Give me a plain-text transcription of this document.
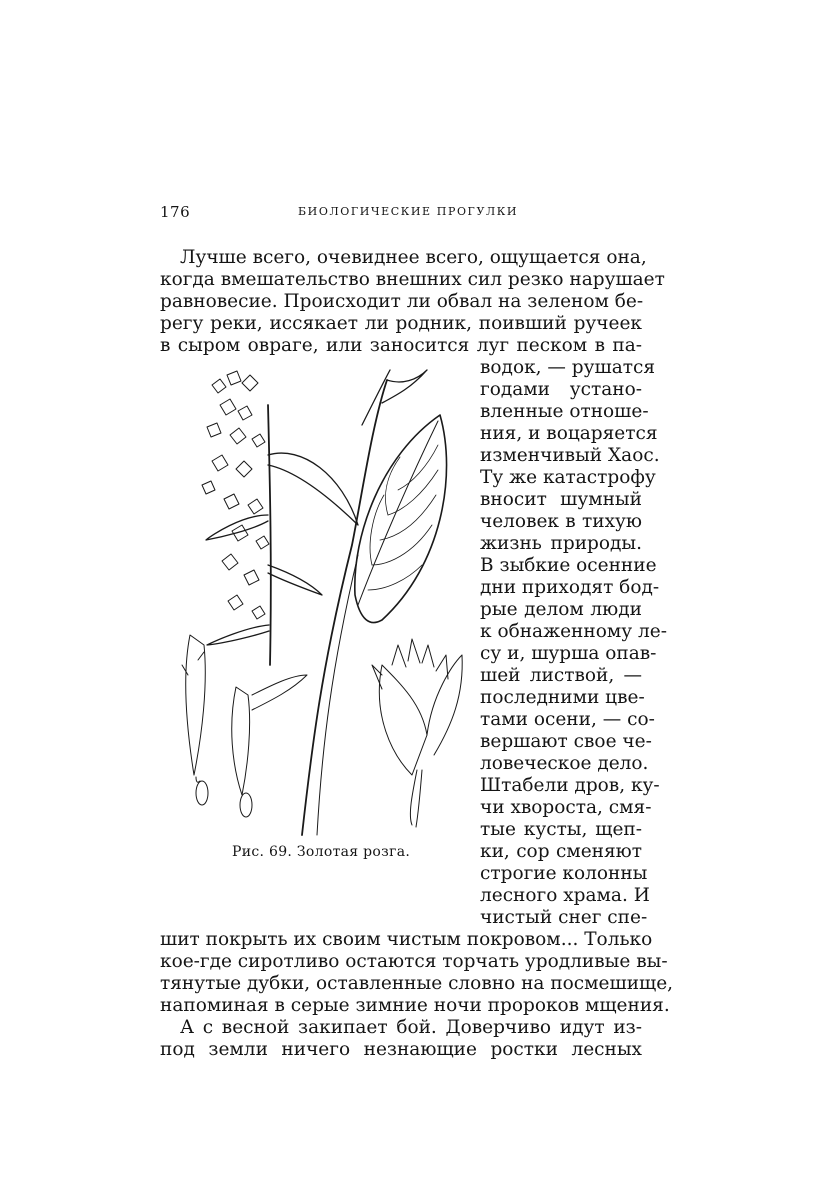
176	БИОЛОГИЧЕСКИЕ ПРОГУЛКИ
Лучше всего, очевиднее всего, ощущается она,
когда вмешательство внешних сил резко нарушает
равновесие. Происходит ли обвал на зеленом бе-
регу реки, иссякает ли родник, поивший ручеек
в сыром овраге, или заносится луг песком в па-
водок, — рушатся
годами устано-
вленные отноше-
ния, и воцаряется
изменчивый Хаос.
Ту же катастрофу
вносит шумный
человек в тихую
жизнь природы.
В зыбкие осенние
дни приходят бод-
рые делом люди
к обнаженному ле-
су и, шурша опав-
шей листвой, —
последними цве-
тами осени, — со-
вершают свое че-
ловеческое дело.
Штабели дров, ку-
чи хвороста, смя-
тые кусты, щеп-
ки, сор сменяют
строгие колонны
лесного храма. И
чистый снег спе-
шит покрыть их своим чистым покровом... Только
кое-где сиротливо остаются торчать уродливые вы-
тянутые дубки, оставленные словно на посмешище,
напоминая в серые зимние ночи пророков мщения.
А с весной закипает бой. Доверчиво идут из-
под земли ничего незнающие ростки лесных
Рис. 69. Золотая розга.
